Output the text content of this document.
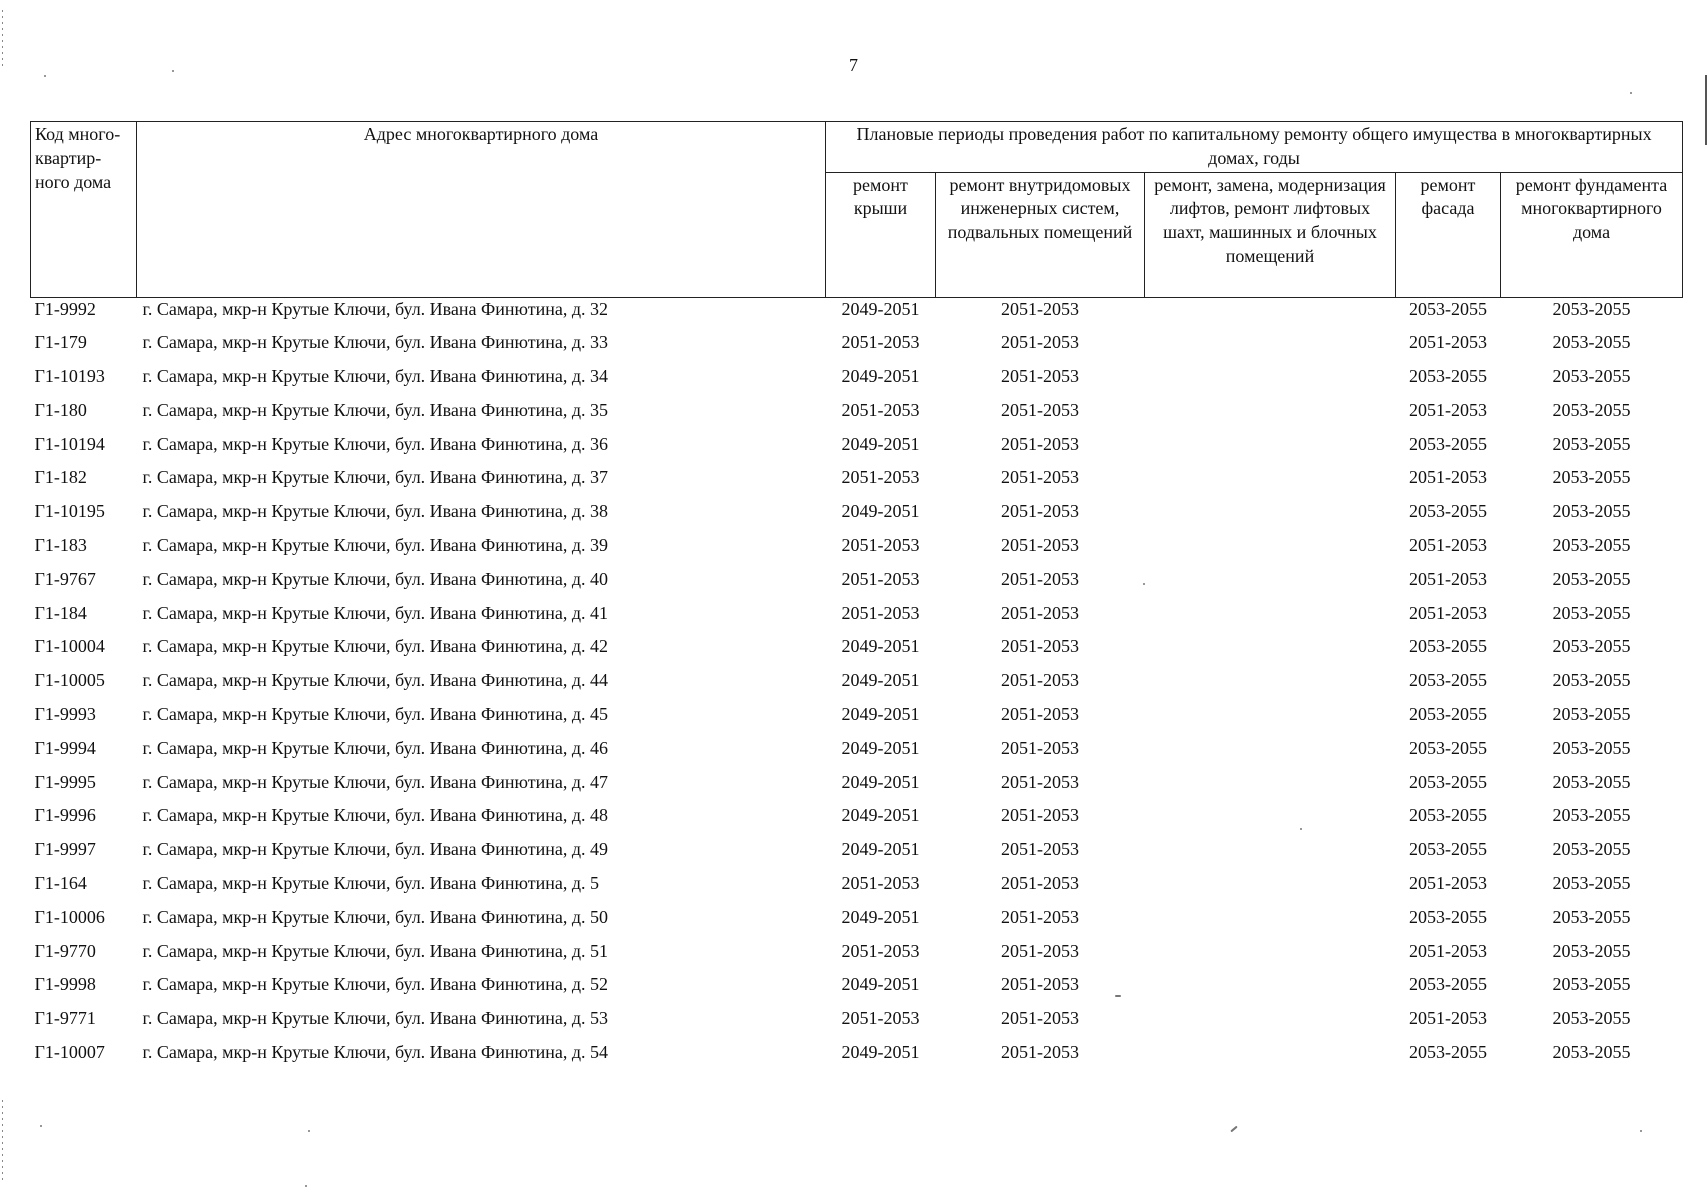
7
Код много-квартир-ного дома	Адрес многоквартирного дома	Плановые периоды проведения работ по капитальному ремонту общего имущества в многоквартирных домах, годы				
		ремонт крыши	ремонт внутридомовых инженерных систем, подвальных помещений	ремонт, замена, модернизация лифтов, ремонт лифтовых шахт, машинных и блочных помещений	ремонт фасада	ремонт фундамента многоквартирного дома
Г1-9992	г. Самара, мкр-н Крутые Ключи, бул. Ивана Финютина, д. 32	2049-2051	2051-2053		2053-2055	2053-2055
Г1-179	г. Самара, мкр-н Крутые Ключи, бул. Ивана Финютина, д. 33	2051-2053	2051-2053		2051-2053	2053-2055
Г1-10193	г. Самара, мкр-н Крутые Ключи, бул. Ивана Финютина, д. 34	2049-2051	2051-2053		2053-2055	2053-2055
Г1-180	г. Самара, мкр-н Крутые Ключи, бул. Ивана Финютина, д. 35	2051-2053	2051-2053		2051-2053	2053-2055
Г1-10194	г. Самара, мкр-н Крутые Ключи, бул. Ивана Финютина, д. 36	2049-2051	2051-2053		2053-2055	2053-2055
Г1-182	г. Самара, мкр-н Крутые Ключи, бул. Ивана Финютина, д. 37	2051-2053	2051-2053		2051-2053	2053-2055
Г1-10195	г. Самара, мкр-н Крутые Ключи, бул. Ивана Финютина, д. 38	2049-2051	2051-2053		2053-2055	2053-2055
Г1-183	г. Самара, мкр-н Крутые Ключи, бул. Ивана Финютина, д. 39	2051-2053	2051-2053		2051-2053	2053-2055
Г1-9767	г. Самара, мкр-н Крутые Ключи, бул. Ивана Финютина, д. 40	2051-2053	2051-2053		2051-2053	2053-2055
Г1-184	г. Самара, мкр-н Крутые Ключи, бул. Ивана Финютина, д. 41	2051-2053	2051-2053		2051-2053	2053-2055
Г1-10004	г. Самара, мкр-н Крутые Ключи, бул. Ивана Финютина, д. 42	2049-2051	2051-2053		2053-2055	2053-2055
Г1-10005	г. Самара, мкр-н Крутые Ключи, бул. Ивана Финютина, д. 44	2049-2051	2051-2053		2053-2055	2053-2055
Г1-9993	г. Самара, мкр-н Крутые Ключи, бул. Ивана Финютина, д. 45	2049-2051	2051-2053		2053-2055	2053-2055
Г1-9994	г. Самара, мкр-н Крутые Ключи, бул. Ивана Финютина, д. 46	2049-2051	2051-2053		2053-2055	2053-2055
Г1-9995	г. Самара, мкр-н Крутые Ключи, бул. Ивана Финютина, д. 47	2049-2051	2051-2053		2053-2055	2053-2055
Г1-9996	г. Самара, мкр-н Крутые Ключи, бул. Ивана Финютина, д. 48	2049-2051	2051-2053		2053-2055	2053-2055
Г1-9997	г. Самара, мкр-н Крутые Ключи, бул. Ивана Финютина, д. 49	2049-2051	2051-2053		2053-2055	2053-2055
Г1-164	г. Самара, мкр-н Крутые Ключи, бул. Ивана Финютина, д. 5	2051-2053	2051-2053		2051-2053	2053-2055
Г1-10006	г. Самара, мкр-н Крутые Ключи, бул. Ивана Финютина, д. 50	2049-2051	2051-2053		2053-2055	2053-2055
Г1-9770	г. Самара, мкр-н Крутые Ключи, бул. Ивана Финютина, д. 51	2051-2053	2051-2053		2051-2053	2053-2055
Г1-9998	г. Самара, мкр-н Крутые Ключи, бул. Ивана Финютина, д. 52	2049-2051	2051-2053		2053-2055	2053-2055
Г1-9771	г. Самара, мкр-н Крутые Ключи, бул. Ивана Финютина, д. 53	2051-2053	2051-2053		2051-2053	2053-2055
Г1-10007	г. Самара, мкр-н Крутые Ключи, бул. Ивана Финютина, д. 54	2049-2051	2051-2053		2053-2055	2053-2055
